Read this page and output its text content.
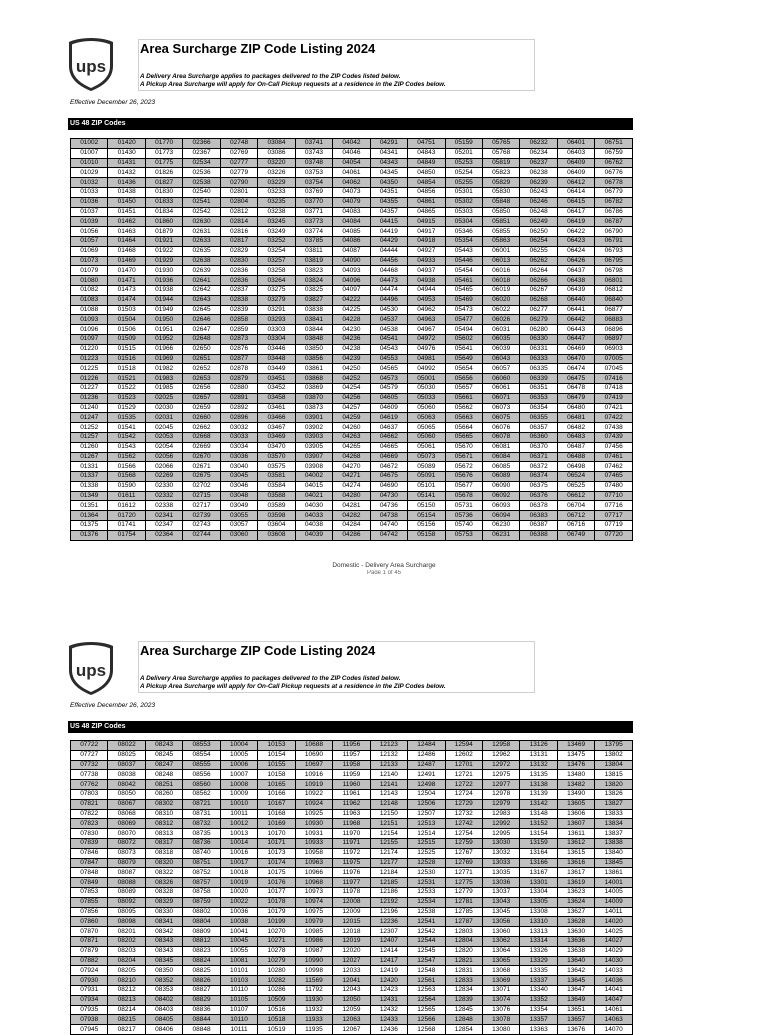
ups
Area Surcharge ZIP Code Listing 2024
A Delivery Area Surcharge applies to packages delivered to the ZIP Codes listed below.
A Pickup Area Surcharge will apply for On-Call Pickup requests at a residence in the ZIP Codes below.
Effective December 26, 2023
US 48 ZIP Codes
01002	01420	01770	02366	02748	03084	03741	04042	04291	04751	05159	05765	06232	06401	06751
01007	01430	01773	02367	02769	03086	03743	04046	04341	04843	05201	05768	06234	06403	06759
01010	01431	01775	02534	02777	03220	03748	04054	04343	04849	05253	05819	06237	06409	06762
01029	01432	01826	02536	02779	03226	03753	04061	04345	04850	05254	05823	06238	06409	06776
01032	01436	01827	02538	02790	03229	03754	04062	04350	04854	05255	05829	06239	06412	06778
01033	01438	01830	02540	02801	03233	03769	04073	04351	04856	05301	05830	06243	06414	06779
01036	01450	01833	02541	02804	03235	03770	04079	04355	04861	05302	05848	06246	06415	06782
01037	01451	01834	02542	02812	03238	03771	04083	04357	04865	05303	05850	06248	06417	06786
01039	01462	01860	02630	02814	03245	03773	04084	04415	04915	05304	05851	06249	06419	06787
01056	01463	01879	02631	02816	03249	03774	04085	04419	04917	05346	05855	06250	06422	06790
01057	01464	01921	02633	02817	03252	03785	04086	04429	04918	05354	05863	06254	06423	06791
01069	01468	01922	02635	02829	03254	03811	04087	04444	04927	05443	06001	06255	06424	06793
01073	01469	01929	02638	02830	03257	03819	04090	04456	04933	05446	06013	06262	06426	06795
01079	01470	01930	02639	02836	03258	03823	04093	04468	04937	05454	06016	06264	06437	06798
01080	01471	01936	02641	02836	03264	03824	04096	04473	04938	05461	06018	06266	06438	06801
01082	01473	01938	02642	02837	03275	03825	04097	04474	04944	05465	06019	06267	06439	06812
01083	01474	01944	02643	02838	03279	03827	04222	04496	04953	05469	06020	06268	06440	06840
01088	01503	01949	02645	02839	03291	03838	04225	04530	04962	05473	06022	06277	06441	06877
01093	01504	01950	02646	02858	03293	03841	04228	04537	04963	05477	06026	06279	06442	06883
01096	01506	01951	02647	02859	03303	03844	04230	04538	04967	05494	06031	06280	06443	06896
01097	01509	01952	02648	02873	03304	03848	04236	04541	04972	05602	06035	06330	06447	06897
01220	01515	01966	02650	02876	03446	03850	04238	04543	04976	05641	06039	06331	06469	06903
01223	01516	01969	02651	02877	03448	03856	04239	04553	04981	05649	06043	06333	06470	07005
01225	01518	01982	02652	02878	03449	03861	04250	04565	04992	05654	06057	06335	06474	07045
01226	01521	01983	02653	02879	03451	03868	04252	04573	05001	05656	06060	06339	06475	07416
01227	01522	01985	02656	02880	03452	03869	04254	04579	05030	05657	06061	06351	06478	07418
01236	01523	02025	02657	02891	03458	03870	04256	04605	05033	05661	06071	06353	06479	07419
01240	01529	02030	02659	02892	03461	03873	04257	04609	05060	05662	06073	06354	06480	07421
01247	01535	02031	02660	02896	03466	03901	04259	04619	05063	05663	06075	06355	06481	07422
01252	01541	02045	02662	03032	03467	03902	04260	04637	05065	05664	06076	06357	06482	07438
01257	01542	02053	02668	03033	03469	03903	04263	04662	05060	05665	06078	06360	06483	07439
01260	01543	02054	02669	03034	03470	03905	04265	04665	05061	05670	06081	06370	06487	07456
01267	01562	02056	02670	03036	03570	03907	04268	04669	05073	05671	06084	06371	06488	07461
01331	01566	02066	02671	03040	03575	03908	04270	04672	05089	05672	06085	06372	06498	07462
01337	01568	02269	02675	03045	03581	04002	04271	04675	05091	05676	06089	06374	06524	07465
01338	01590	02330	02702	03046	03584	04015	04274	04690	05101	05677	06090	06375	06525	07480
01349	01611	02332	02715	03048	03588	04021	04280	04730	05141	05678	06092	06376	06612	07710
01351	01612	02338	02717	03049	03589	04030	04281	04736	05150	05731	06093	06378	06704	07716
01364	01720	02341	02739	03055	03598	04033	04282	04738	05154	05736	06094	06383	06712	07717
01375	01741	02347	02743	03057	03604	04038	04284	04740	05156	05740	06230	06387	06716	07719
01376	01754	02364	02744	03060	03608	04039	04286	04742	05158	05753	06231	06388	06749	07720
Domestic - Delivery Area Surcharge
Page 1 of 45
ups
Area Surcharge ZIP Code Listing 2024
A Delivery Area Surcharge applies to packages delivered to the ZIP Codes listed below.
A Pickup Area Surcharge will apply for On-Call Pickup requests at a residence in the ZIP Codes below.
Effective December 26, 2023
US 48 ZIP Codes
07722	08022	08243	08553	10004	10153	10688	11956	12123	12484	12594	12958	13126	13469	13795
07727	08025	08245	08554	10005	10154	10690	11957	12132	12486	12602	12962	13131	13475	13802
07732	08037	08247	08555	10006	10155	10697	11958	12133	12487	12701	12972	13132	13476	13804
07738	08038	08248	08556	10007	10158	10916	11959	12140	12491	12721	12975	13135	13480	13815
07762	08042	08251	08560	10008	10165	10919	11960	12141	12498	12722	12977	13138	13482	13820
07803	08050	08260	08562	10009	10166	10922	11961	12143	12504	12724	12978	13139	13490	13826
07821	08067	08302	08721	10010	10167	10924	11962	12148	12506	12729	12979	13142	13605	13827
07822	08068	08310	08731	10011	10168	10925	11963	12150	12507	12732	12983	13148	13606	13833
07823	08069	08312	08732	10012	10169	10930	11968	12151	12513	12742	12992	13152	13607	13834
07830	08070	08313	08735	10013	10170	10931	11970	12154	12514	12754	12995	13154	13611	13837
07839	08072	08317	08736	10014	10171	10933	11971	12155	12515	12759	13030	13159	13612	13838
07846	08073	08318	08740	10016	10173	10958	11972	12174	12525	12767	13032	13164	13615	13840
07847	08079	08320	08751	10017	10174	10963	11975	12177	12528	12769	13033	13166	13616	13845
07848	08087	08322	08752	10018	10175	10966	11976	12184	12530	12771	13035	13167	13617	13861
07849	08088	08326	08757	10019	10176	10968	11977	12185	12531	12775	13036	13301	13619	14001
07853	08089	08328	08758	10020	10177	10973	11978	12186	12533	12779	13037	13304	13623	14005
07855	08092	08329	08759	10022	10178	10974	12008	12192	12534	12781	13043	13305	13624	14009
07856	08095	08330	08802	10036	10179	10975	12009	12196	12538	12785	13045	13308	13627	14011
07860	08098	08341	08804	10038	10199	10979	12015	12236	12541	12787	13056	13310	13628	14020
07870	08201	08342	08809	10041	10270	10985	12018	12307	12542	12803	13060	13313	13630	14025
07871	08202	08343	08812	10045	10271	10986	12019	12407	12544	12804	13062	13314	13636	14027
07879	08203	08343	08823	10055	10278	10987	12020	12414	12545	12820	13064	13326	13638	14029
07882	08204	08345	08824	10081	10279	10990	12027	12417	12547	12821	13065	13329	13640	14030
07924	08205	08350	08825	10101	10280	10998	12033	12419	12548	12831	13068	13335	13642	14033
07930	08210	08352	08826	10103	10282	11569	12041	12420	12561	12833	13069	13337	13645	14036
07931	08212	08353	08827	10110	10286	11792	12043	12423	12563	12834	13071	13340	13647	14041
07934	08213	08402	08829	10105	10509	11930	12050	12431	12564	12839	13074	13352	13649	14047
07935	08214	08403	08836	10107	10516	11932	12059	12432	12565	12845	13076	13354	13651	14061
07938	08215	08405	08844	10110	10518	11933	12063	12433	12566	12848	13078	13357	13657	14063
07945	08217	08406	08848	10111	10519	11935	12067	12436	12568	12854	13080	13363	13676	14070
